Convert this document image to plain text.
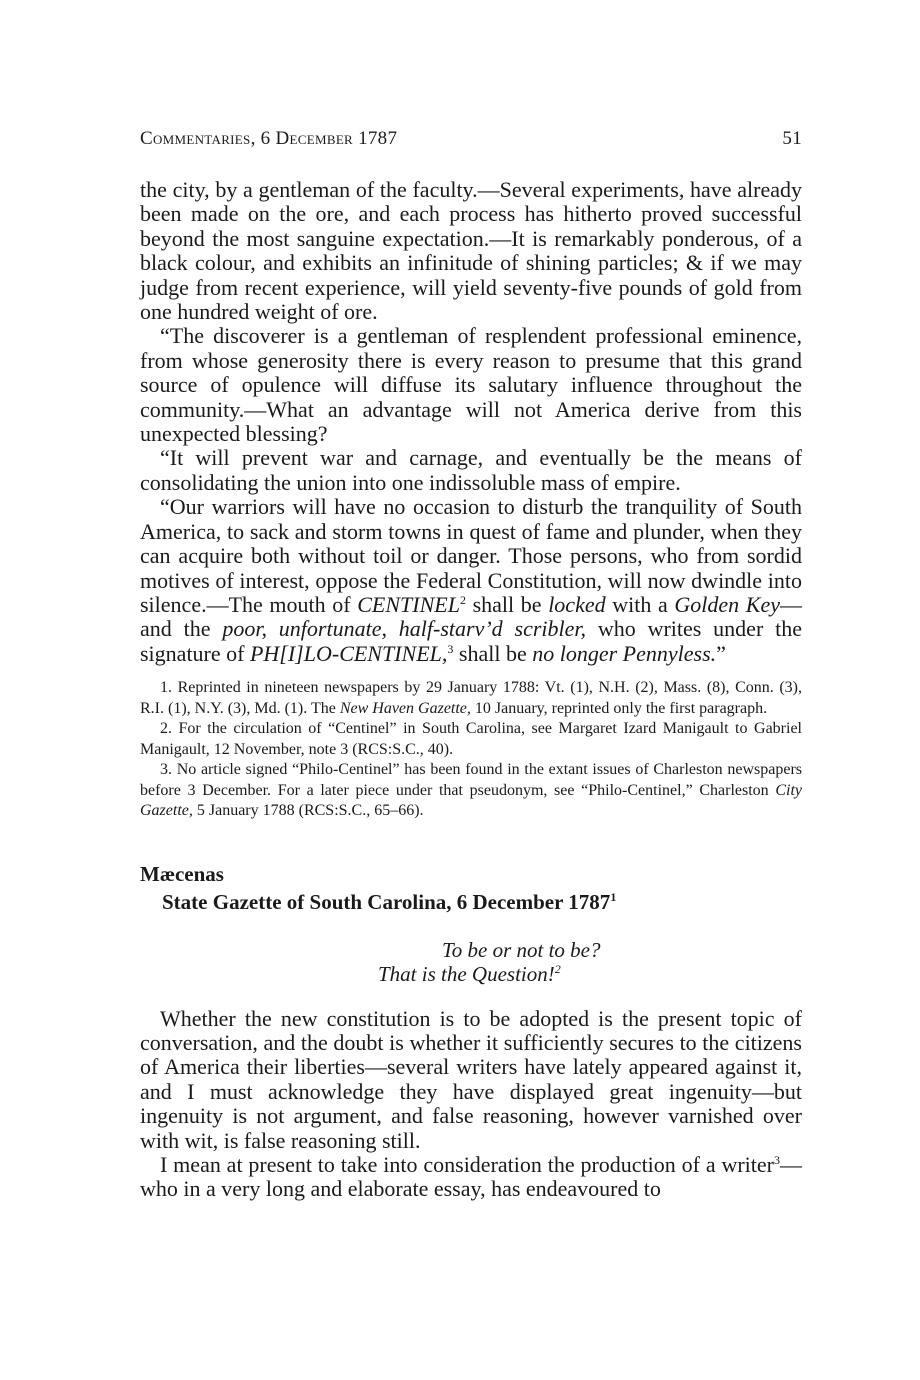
Commentaries, 6 December 1787	51

the city, by a gentleman of the faculty.—Several experiments, have already been made on the ore, and each process has hitherto proved successful beyond the most sanguine expectation.—It is remarkably ponderous, of a black colour, and exhibits an infinitude of shining particles; & if we may judge from recent experience, will yield seventy-five pounds of gold from one hundred weight of ore.

“The discoverer is a gentleman of resplendent professional eminence, from whose generosity there is every reason to presume that this grand source of opulence will diffuse its salutary influence throughout the community.—What an advantage will not America derive from this unexpected blessing?

“It will prevent war and carnage, and eventually be the means of consolidating the union into one indissoluble mass of empire.

“Our warriors will have no occasion to disturb the tranquility of South America, to sack and storm towns in quest of fame and plunder, when they can acquire both without toil or danger. Those persons, who from sordid motives of interest, oppose the Federal Constitution, will now dwindle into silence.—The mouth of CENTINEL$^2$ shall be locked with a Golden Key—and the poor, unfortunate, half-starv’d scribler, who writes under the signature of PH[I]LO-CENTINEL,$^3$ shall be no longer Pennyless.”

1. Reprinted in nineteen newspapers by 29 January 1788: Vt. (1), N.H. (2), Mass. (8), Conn. (3), R.I. (1), N.Y. (3), Md. (1). The New Haven Gazette, 10 January, reprinted only the first paragraph.

2. For the circulation of “Centinel” in South Carolina, see Margaret Izard Manigault to Gabriel Manigault, 12 November, note 3 (RCS:S.C., 40).

3. No article signed “Philo-Centinel” has been found in the extant issues of Charleston newspapers before 3 December. For a later piece under that pseudonym, see “Philo-Centinel,” Charleston City Gazette, 5 January 1788 (RCS:S.C., 65–66).

Mæcenas
State Gazette of South Carolina, 6 December 1787$^1$
To be or not to be?
That is the Question!$^2$

Whether the new constitution is to be adopted is the present topic of conversation, and the doubt is whether it sufficiently secures to the citizens of America their liberties—several writers have lately appeared against it, and I must acknowledge they have displayed great ingenuity—but ingenuity is not argument, and false reasoning, however varnished over with wit, is false reasoning still.

I mean at present to take into consideration the production of a writer$^3$—who in a very long and elaborate essay, has endeavoured to
